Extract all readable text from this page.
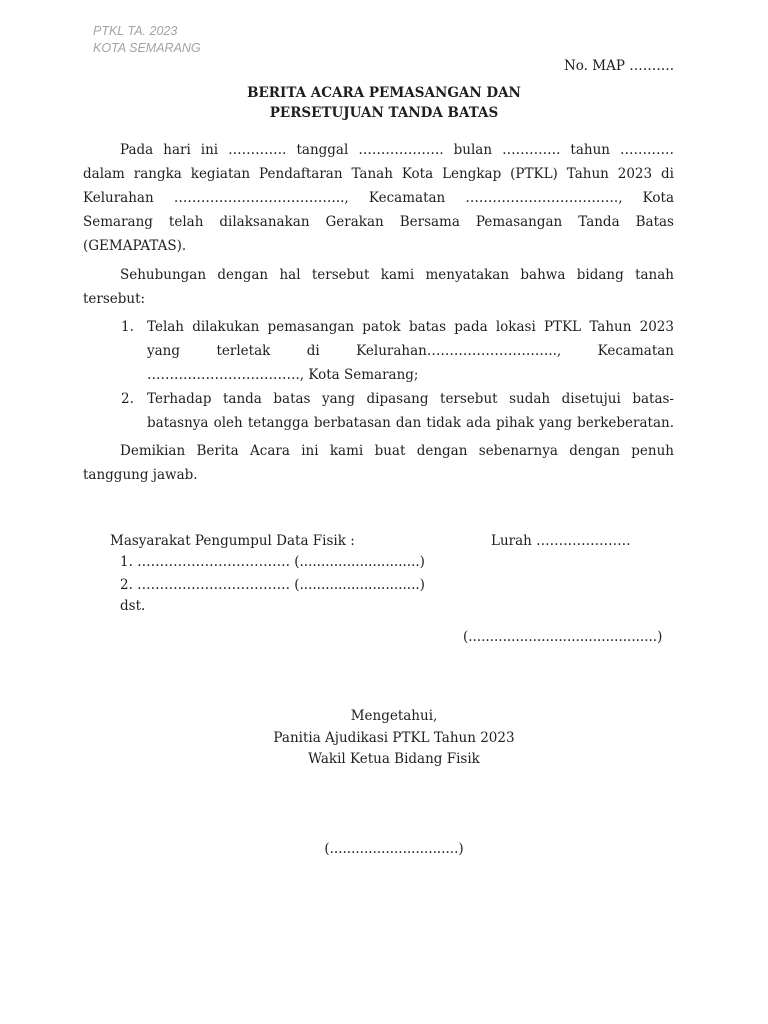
PTKL TA. 2023
KOTA SEMARANG
No. MAP ……….
BERITA ACARA PEMASANGAN DAN
PERSETUJUAN TANDA BATAS
Pada hari ini …………. tanggal ………………. bulan …………. tahun …………
dalam rangka kegiatan Pendaftaran Tanah Kota Lengkap (PTKL) Tahun 2023 di
Kelurahan ……………………………….., Kecamatan ……………………………., Kota
Semarang telah dilaksanakan Gerakan Bersama Pemasangan Tanda Batas
(GEMAPATAS).
Sehubungan dengan hal tersebut kami menyatakan bahwa bidang tanah
tersebut:
1. Telah dilakukan pemasangan patok batas pada lokasi PTKL Tahun 2023
yang terletak di Kelurahan……………………….., Kecamatan
……………………………., Kota Semarang;
2. Terhadap tanda batas yang dipasang tersebut sudah disetujui batas-
batasnya oleh tetangga berbatasan dan tidak ada pihak yang berkeberatan.
Demikian Berita Acara ini kami buat dengan sebenarnya dengan penuh
tanggung jawab.
Masyarakat Pengumpul Data Fisik :	Lurah …………………
1. ……………………………. (............................)
2. ……………………………. (............................)
dst.
(............................................)
Mengetahui,
Panitia Ajudikasi PTKL Tahun 2023
Wakil Ketua Bidang Fisik
(..............................)
